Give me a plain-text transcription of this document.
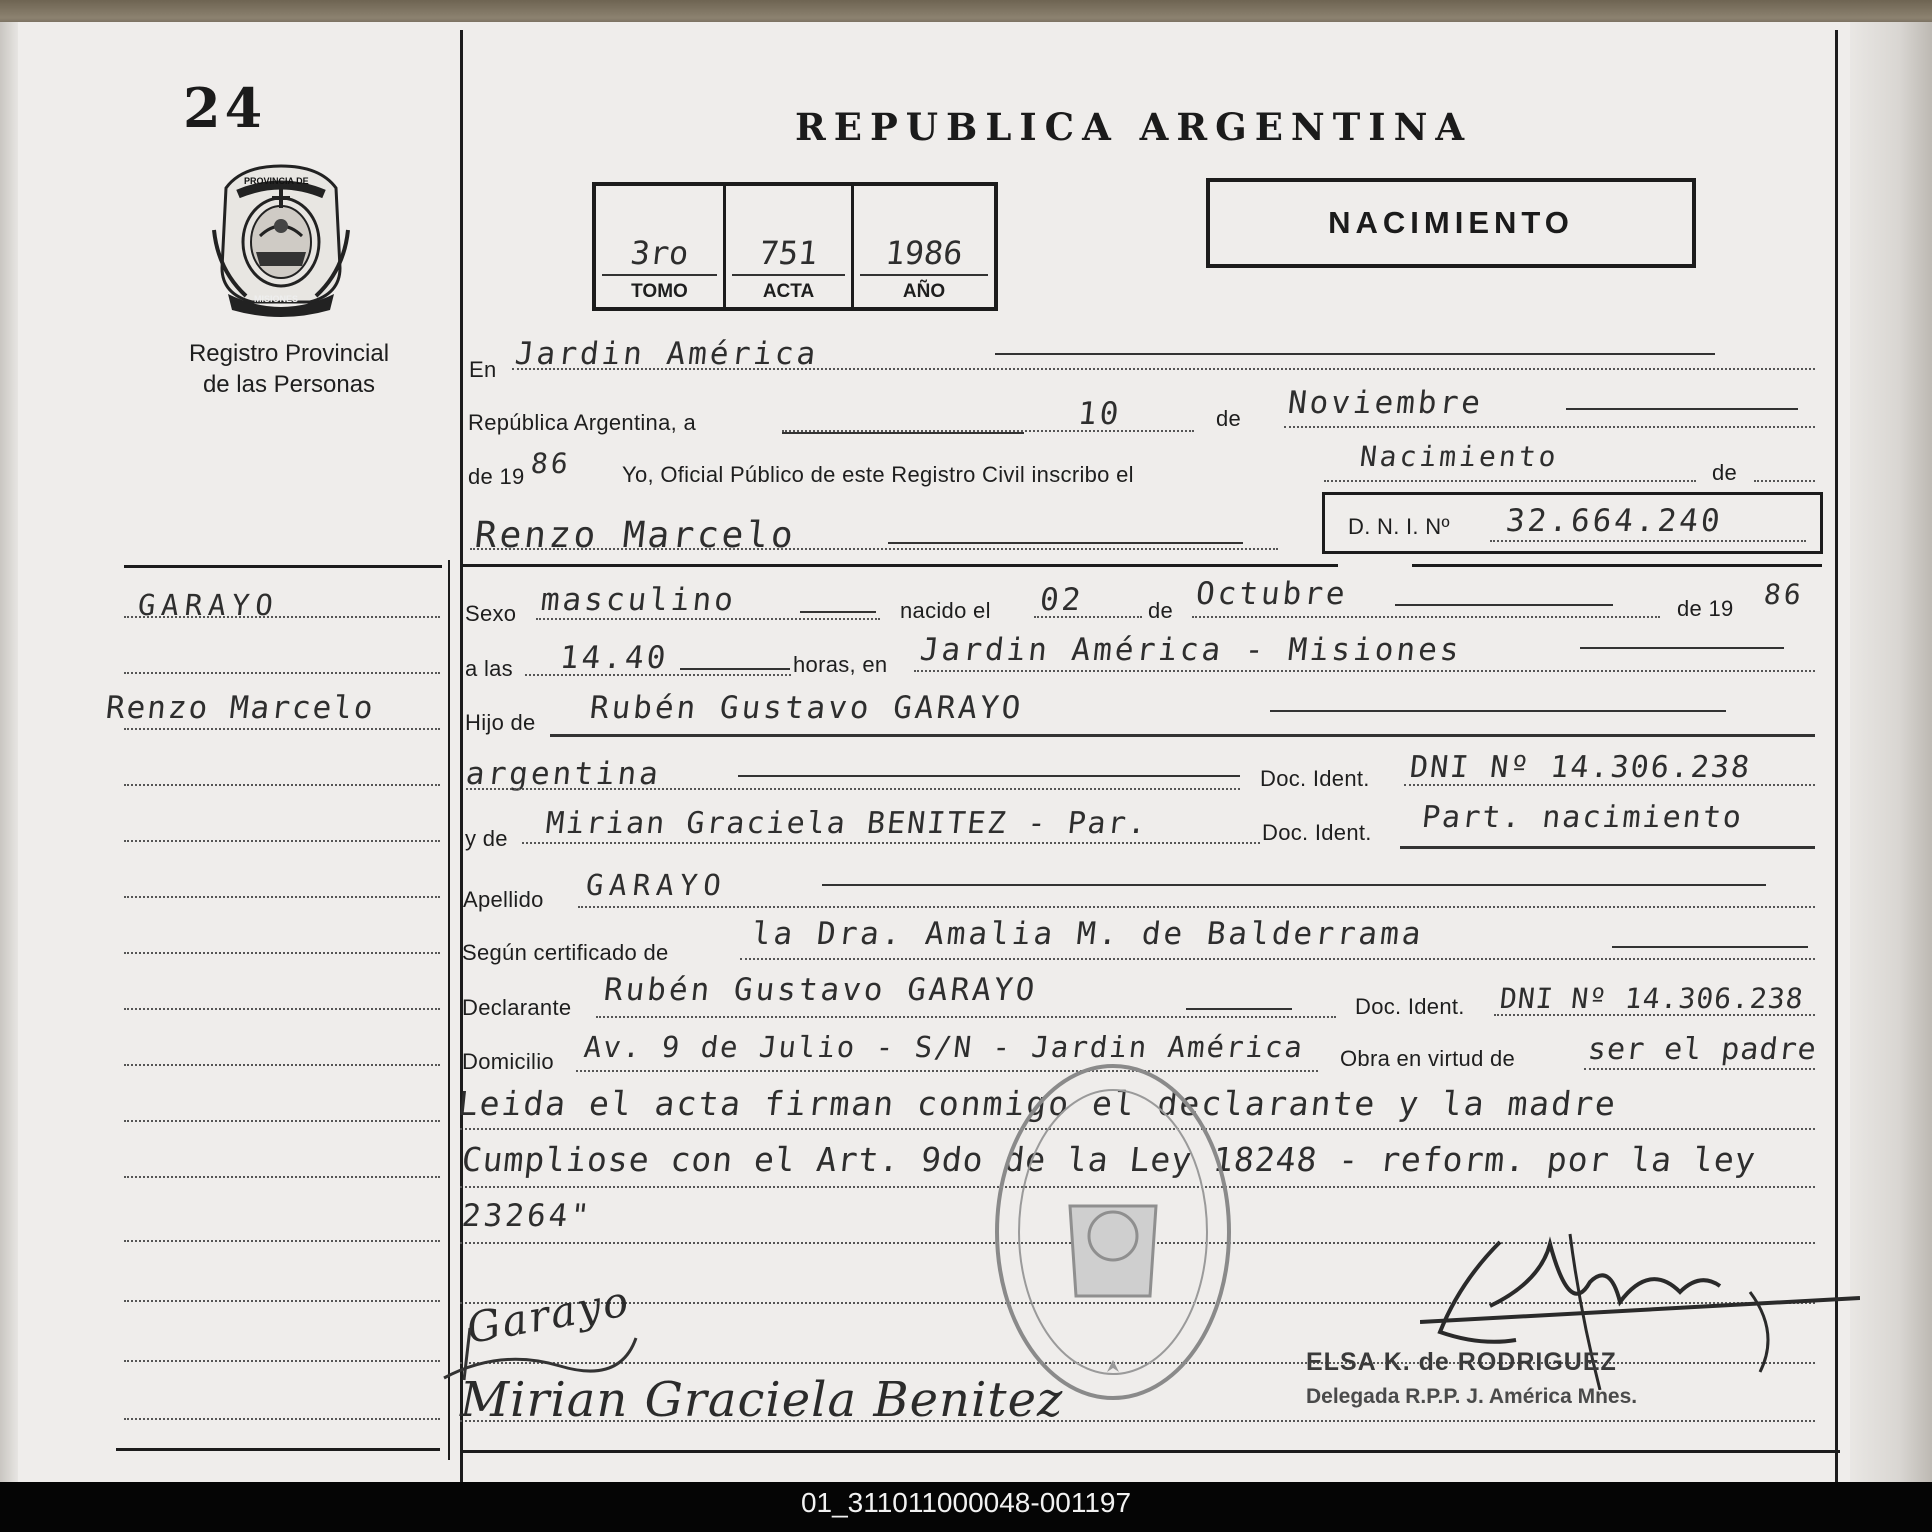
24
PROVINCIA DE
MISIONES
Registro Provincial
de las Personas
REPUBLICA ARGENTINA
NACIMIENTO
3ro
TOMO
751
ACTA
1986
AÑO
En Jardin América
República Argentina, a	10	de Noviembre
de 19 86 Yo, Oficial Público de este Registro Civil inscribo el
Nacimiento	de
Renzo Marcelo	D. N. I. Nº 32.664.240
GARAYO
Renzo Marcelo
Sexo masculino	nacido el 02	de Octubre	de 19 86
a las 14.40	horas, en Jardin América - Misiones
Hijo de Rubén Gustavo GARAYO
argentina	Doc. Ident. DNI Nº 14.306.238
y de Mirian Graciela BENITEZ - Par.	Doc. Ident. Part. nacimiento
Apellido GARAYO
Según certificado de
la Dra. Amalia M. de Balderrama
Declarante Rubén Gustavo GARAYO	Doc. Ident. DNI Nº 14.306.238
Domicilio Av. 9 de Julio - S/N - Jardin América Obra en virtud de ser el padre
Leida el acta firman conmigo el declarante y la madre
Cumpliose con el Art. 9do de la Ley 18248 - reform. por la ley
23264"
Garayo
Mirian Graciela Benitez
ELSA K. de RODRIGUEZ
Delegada R.P.P. J. América Mnes.
01_311011000048-001197
